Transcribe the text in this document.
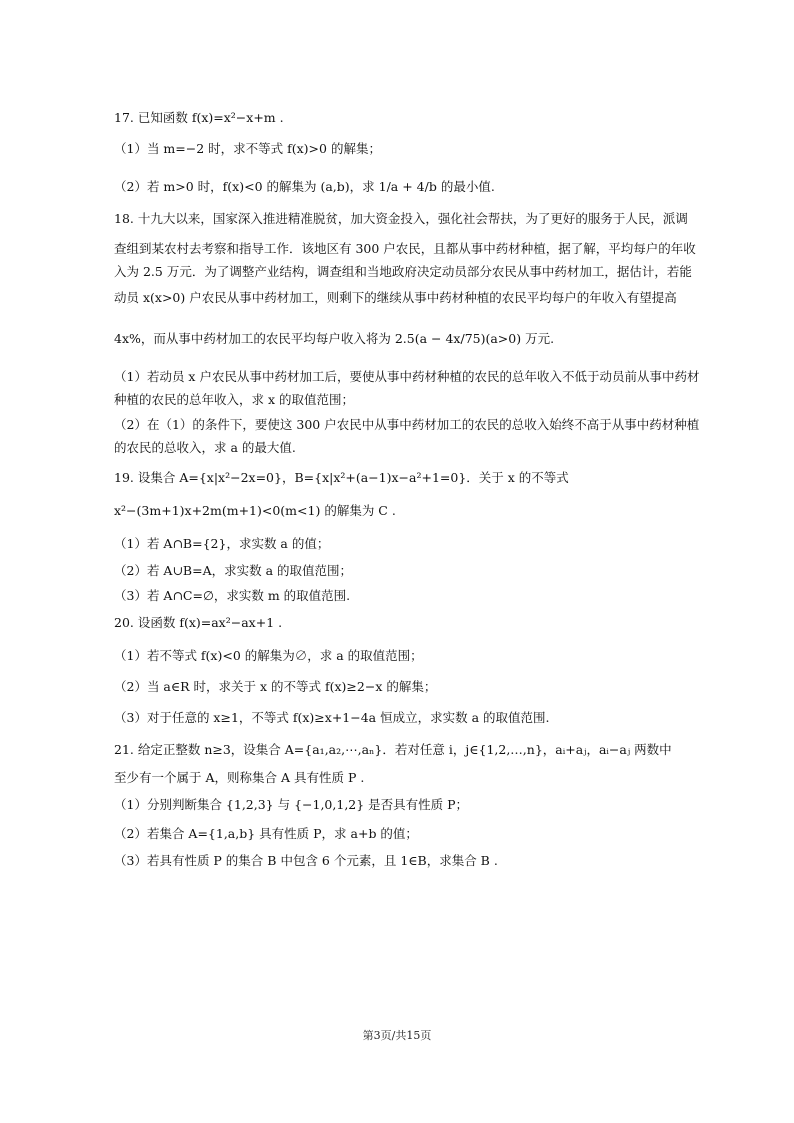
17. 已知函数 f(x)=x²−x+m .
（1）当 m=−2 时，求不等式 f(x)>0 的解集；
（2）若 m>0 时，f(x)<0 的解集为 (a,b)，求 1/a + 4/b 的最小值.
18. 十九大以来，国家深入推进精准脱贫，加大资金投入，强化社会帮扶，为了更好的服务于人民，派调
查组到某农村去考察和指导工作．该地区有 300 户农民，且都从事中药材种植，据了解，平均每户的年收
入为 2.5 万元．为了调整产业结构，调查组和当地政府决定动员部分农民从事中药材加工，据估计，若能
动员 x(x>0) 户农民从事中药材加工，则剩下的继续从事中药材种植的农民平均每户的年收入有望提高
4x%，而从事中药材加工的农民平均每户收入将为 2.5(a − 4x/75)(a>0) 万元.
（1）若动员 x 户农民从事中药材加工后，要使从事中药材种植的农民的总年收入不低于动员前从事中药材
种植的农民的总年收入，求 x 的取值范围；
（2）在（1）的条件下，要使这 300 户农民中从事中药材加工的农民的总收入始终不高于从事中药材种植
的农民的总收入，求 a 的最大值.
19. 设集合 A={x|x²−2x=0}，B={x|x²+(a−1)x−a²+1=0}．关于 x 的不等式
x²−(3m+1)x+2m(m+1)<0(m<1) 的解集为 C .
（1）若 A∩B={2}，求实数 a 的值；
（2）若 A∪B=A，求实数 a 的取值范围；
（3）若 A∩C=∅，求实数 m 的取值范围.
20. 设函数 f(x)=ax²−ax+1 .
（1）若不等式 f(x)<0 的解集为∅，求 a 的取值范围；
（2）当 a∈R 时，求关于 x 的不等式 f(x)≥2−x 的解集；
（3）对于任意的 x≥1，不等式 f(x)≥x+1−4a 恒成立，求实数 a 的取值范围.
21. 给定正整数 n≥3，设集合 A={a₁,a₂,⋯,aₙ}．若对任意 i，j∈{1,2,…,n}，aᵢ+aⱼ，aᵢ−aⱼ 两数中
至少有一个属于 A，则称集合 A 具有性质 P .
（1）分别判断集合 {1,2,3} 与 {−1,0,1,2} 是否具有性质 P；
（2）若集合 A={1,a,b} 具有性质 P，求 a+b 的值；
（3）若具有性质 P 的集合 B 中包含 6 个元素，且 1∈B，求集合 B .
第3页/共15页
